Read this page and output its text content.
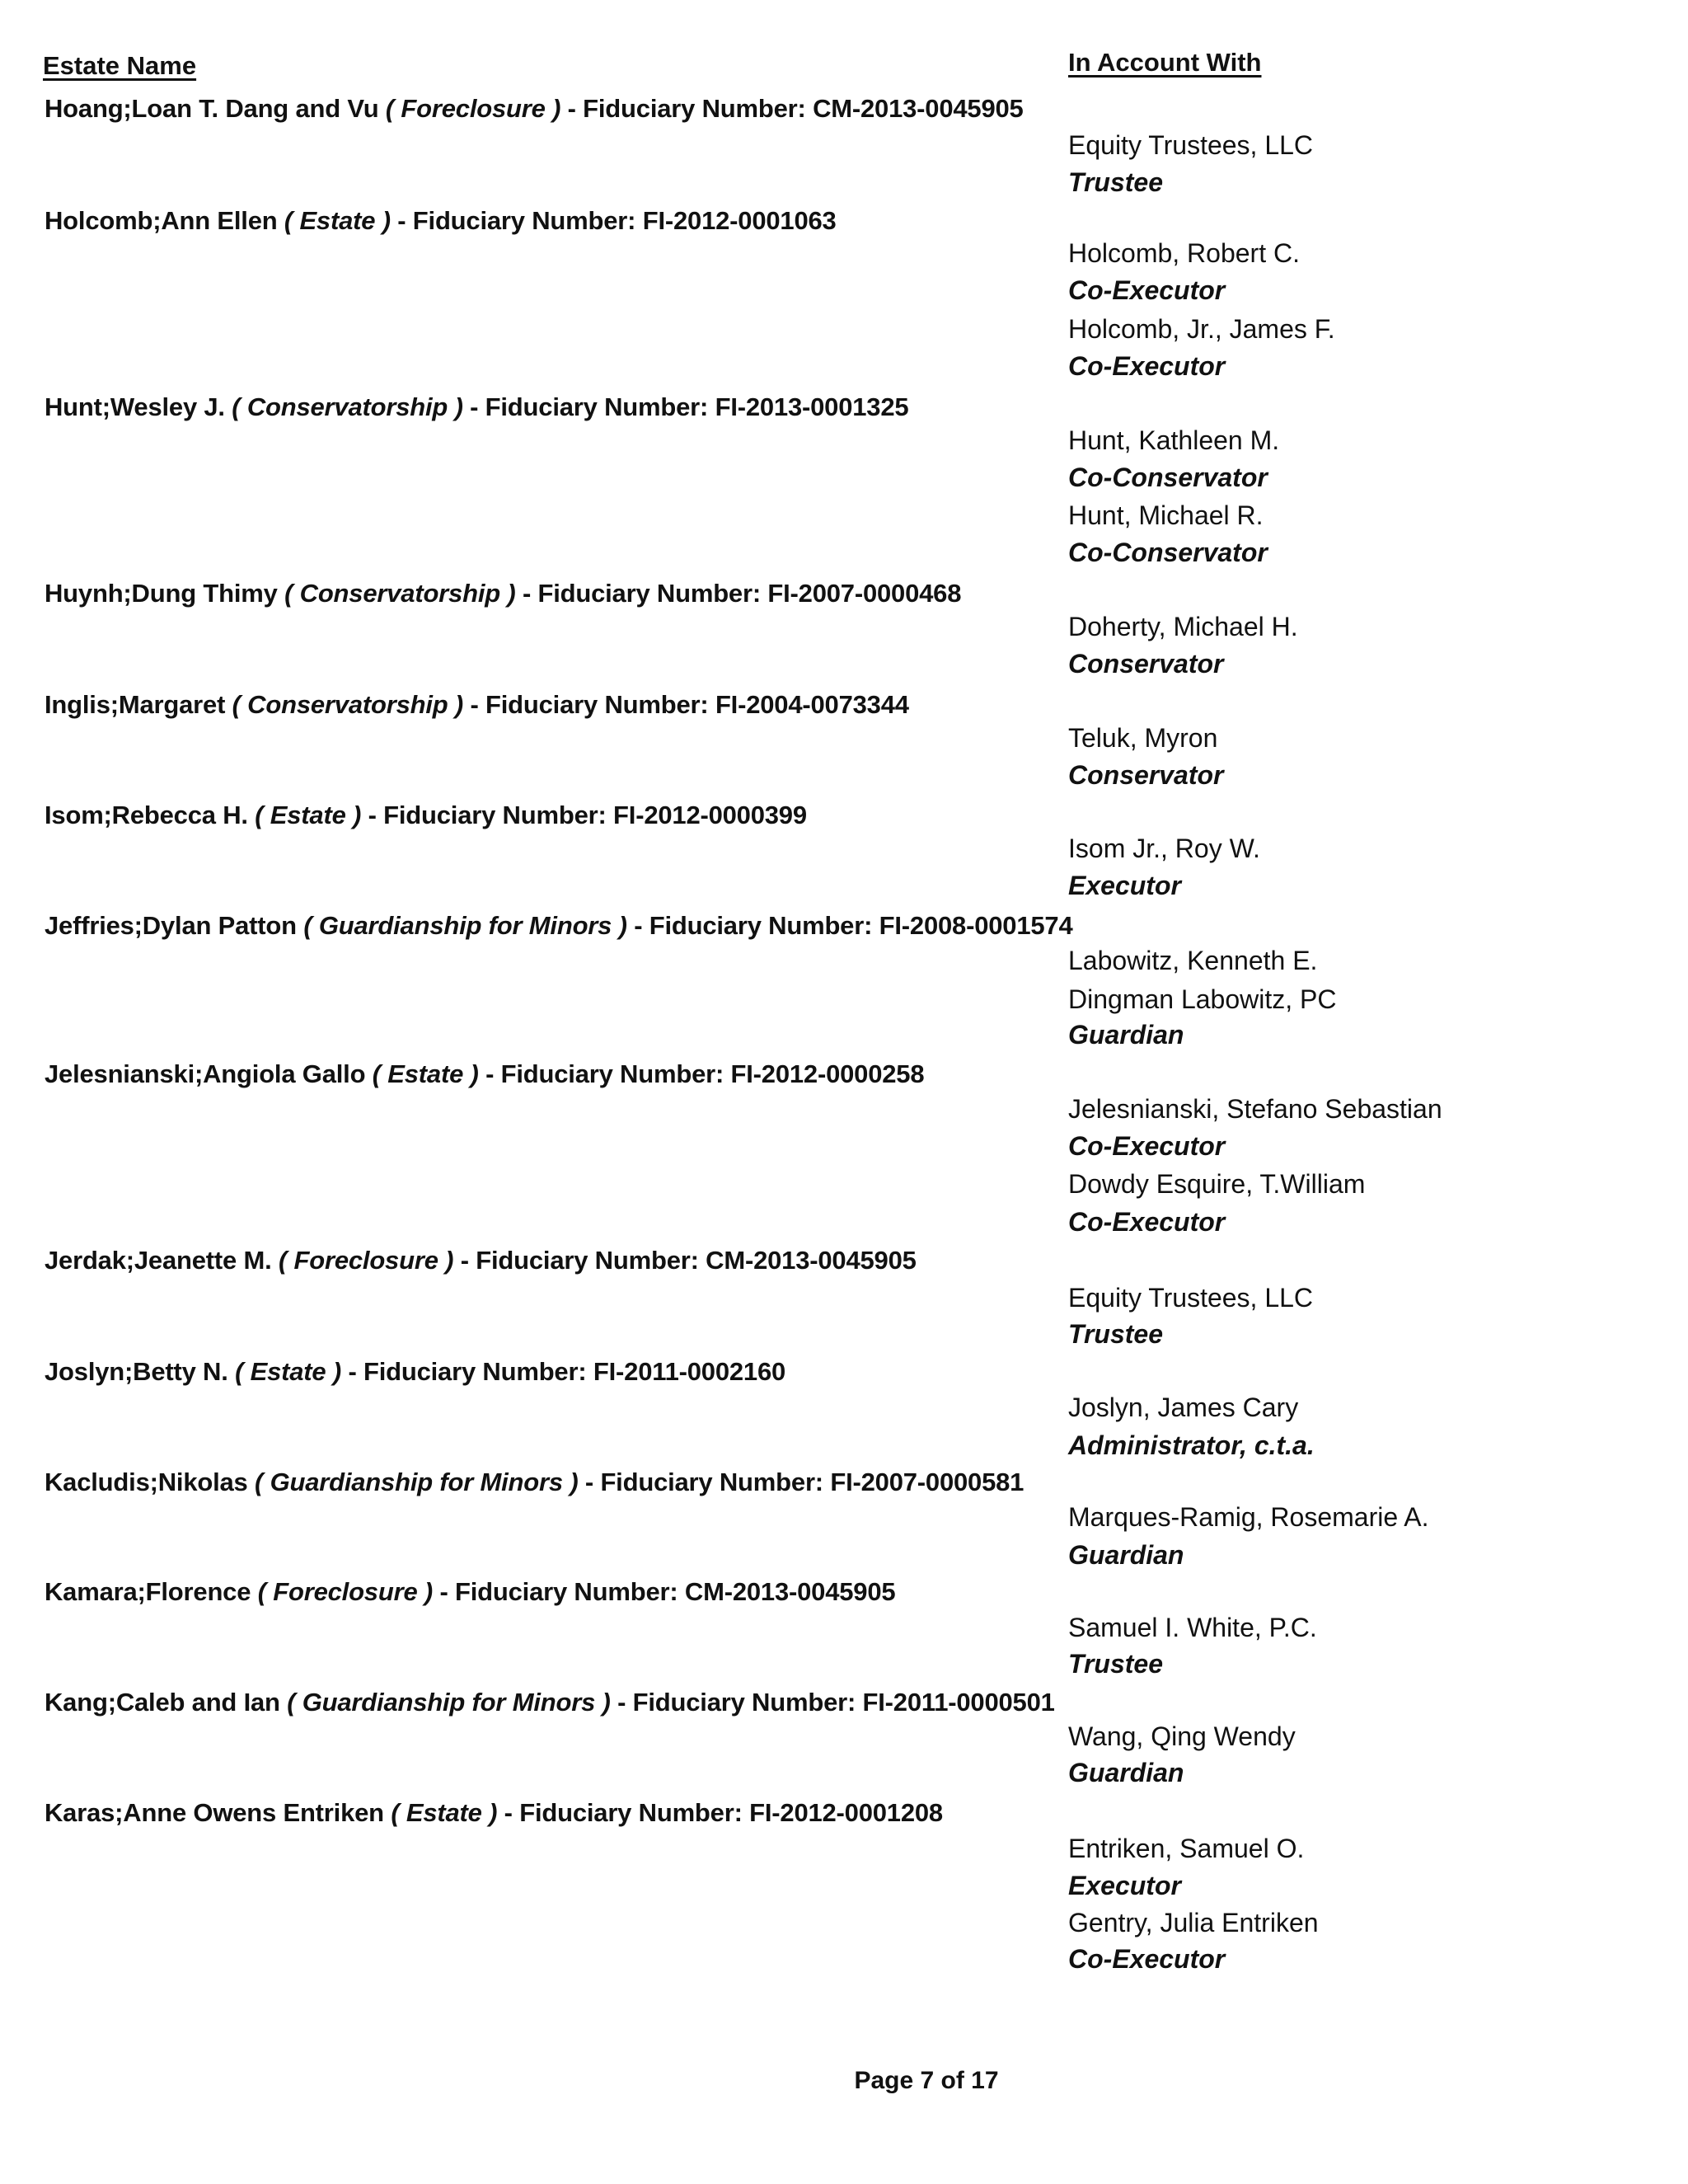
Estate Name	In Account With
Hoang;Loan T. Dang and Vu ( Foreclosure ) - Fiduciary Number: CM-2013-0045905
Equity Trustees, LLC
Trustee
Holcomb;Ann Ellen ( Estate ) - Fiduciary Number: FI-2012-0001063
Holcomb, Robert C.
Co-Executor
Holcomb, Jr., James F.
Co-Executor
Hunt;Wesley J. ( Conservatorship ) - Fiduciary Number: FI-2013-0001325
Hunt, Kathleen M.
Co-Conservator
Hunt, Michael R.
Co-Conservator
Huynh;Dung Thimy ( Conservatorship ) - Fiduciary Number: FI-2007-0000468
Doherty, Michael H.
Conservator
Inglis;Margaret ( Conservatorship ) - Fiduciary Number: FI-2004-0073344
Teluk, Myron
Conservator
Isom;Rebecca H. ( Estate ) - Fiduciary Number: FI-2012-0000399
Isom Jr., Roy W.
Executor
Jeffries;Dylan Patton ( Guardianship for Minors ) - Fiduciary Number: FI-2008-0001574
Labowitz, Kenneth E.
Dingman Labowitz, PC
Guardian
Jelesnianski;Angiola Gallo ( Estate ) - Fiduciary Number: FI-2012-0000258
Jelesnianski, Stefano Sebastian
Co-Executor
Dowdy Esquire, T.William
Co-Executor
Jerdak;Jeanette M. ( Foreclosure ) - Fiduciary Number: CM-2013-0045905
Equity Trustees, LLC
Trustee
Joslyn;Betty N. ( Estate ) - Fiduciary Number: FI-2011-0002160
Joslyn, James Cary
Administrator, c.t.a.
Kacludis;Nikolas ( Guardianship for Minors ) - Fiduciary Number: FI-2007-0000581
Marques-Ramig, Rosemarie A.
Guardian
Kamara;Florence ( Foreclosure ) - Fiduciary Number: CM-2013-0045905
Samuel I. White, P.C.
Trustee
Kang;Caleb and Ian ( Guardianship for Minors ) - Fiduciary Number: FI-2011-0000501
Wang, Qing Wendy
Guardian
Karas;Anne Owens Entriken ( Estate ) - Fiduciary Number: FI-2012-0001208
Entriken, Samuel O.
Executor
Gentry, Julia Entriken
Co-Executor
Page 7 of 17
